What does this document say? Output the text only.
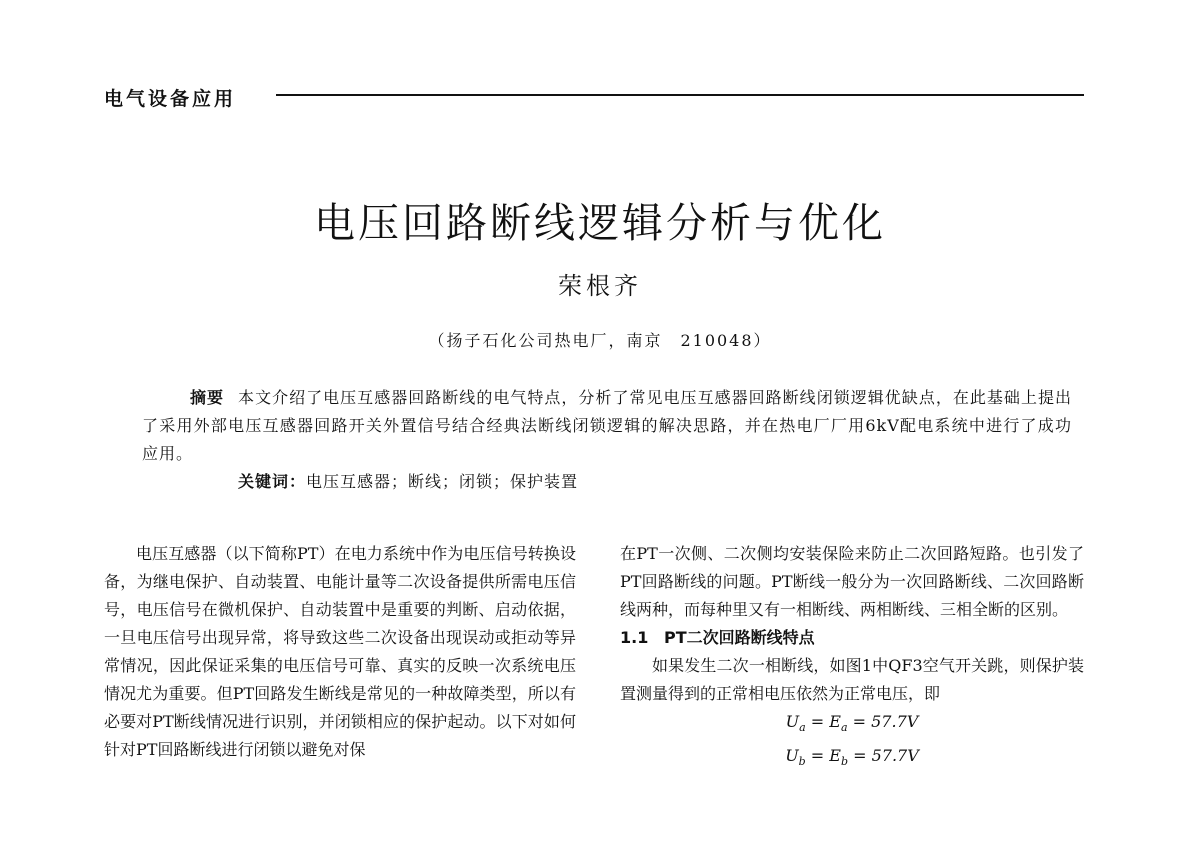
电气设备应用
电压回路断线逻辑分析与优化
荣根齐
（扬子石化公司热电厂，南京　210048）

摘要 本文介绍了电压互感器回路断线的电气特点，分析了常见电压互感器回路断线闭锁逻辑优缺点，在此基础上提出了采用外部电压互感器回路开关外置信号结合经典法断线闭锁逻辑的解决思路，并在热电厂厂用6kV配电系统中进行了成功应用。

关键词：电压互感器；断线；闭锁；保护装置

电压互感器（以下简称PT）在电力系统中作为电压信号转换设备，为继电保护、自动装置、电能计量等二次设备提供所需电压信号，电压信号在微机保护、自动装置中是重要的判断、启动依据，一旦电压信号出现异常，将导致这些二次设备出现误动或拒动等异常情况，因此保证采集的电压信号可靠、真实的反映一次系统电压情况尤为重要。但PT回路发生断线是常见的一种故障类型，所以有必要对PT断线情况进行识别，并闭锁相应的保护起动。以下对如何针对PT回路断线进行闭锁以避免对保

在PT一次侧、二次侧均安装保险来防止二次回路短路。也引发了PT回路断线的问题。PT断线一般分为一次回路断线、二次回路断线两种，而每种里又有一相断线、两相断线、三相全断的区别。

1.1 PT二次回路断线特点

如果发生二次一相断线，如图1中QF3空气开关跳，则保护装置测量得到的正常相电压依然为正常电压，即

$U_a = E_a = 57.7V$

$U_b = E_b = 57.7V$
